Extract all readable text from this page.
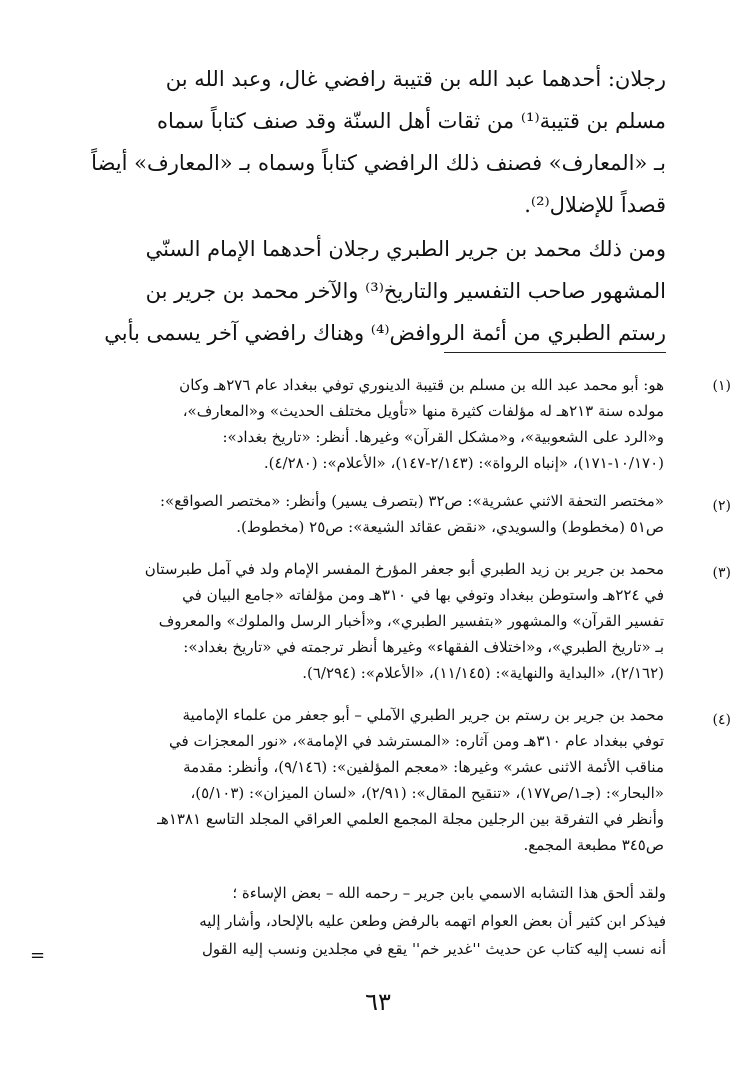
رجلان: أحدهما عبد الله بن قتيبة رافضي غال، وعبد الله بن
مسلم بن قتيبة⁽¹⁾ من ثقات أهل السنّة وقد صنف كتاباً سماه
بـ «المعارف» فصنف ذلك الرافضي كتاباً وسماه بـ «المعارف» أيضاً
قصداً للإضلال⁽²⁾.
ومن ذلك محمد بن جرير الطبري رجلان أحدهما الإمام السنّي
المشهور صاحب التفسير والتاريخ⁽³⁾ والآخر محمد بن جرير بن
رستم الطبري من أئمة الروافض⁽⁴⁾ وهناك رافضي آخر يسمى بأبي
(١)
هو: أبو محمد عبد الله بن مسلم بن قتيبة الدينوري توفي ببغداد عام ٢٧٦هـ وكان
مولده سنة ٢١٣هـ له مؤلفات كثيرة منها «تأويل مختلف الحديث» و«المعارف»،
و«الرد على الشعوبية»، و«مشكل القرآن» وغيرها. أنظر: «تاريخ بغداد»:
(١٠/١٧٠-١٧١)، «إنباه الرواة»: (٢/١٤٣-١٤٧)، «الأعلام»: (٤/٢٨٠).
(٢)
«مختصر التحفة الاثني عشرية»: ص٣٢ (بتصرف يسير) وأنظر: «مختصر الصواقع»:
ص٥١ (مخطوط) والسويدي، «نقض عقائد الشيعة»: ص٢٥ (مخطوط).
(٣)
محمد بن جرير بن زيد الطبري أبو جعفر المؤرخ المفسر الإمام ولد في آمل طبرستان
في ٢٢٤هـ واستوطن ببغداد وتوفي بها في ٣١٠هـ ومن مؤلفاته «جامع البيان في
تفسير القرآن» والمشهور «بتفسير الطبري»، و«أخبار الرسل والملوك» والمعروف
بـ «تاريخ الطبري»، و«اختلاف الفقهاء» وغيرها أنظر ترجمته في «تاريخ بغداد»:
(٢/١٦٢)، «البداية والنهاية»: (١١/١٤٥)، «الأعلام»: (٦/٢٩٤).
(٤)
محمد بن جرير بن رستم بن جرير الطبري الآملي – أبو جعفر من علماء الإمامية
توفي ببغداد عام ٣١٠هـ ومن آثاره: «المسترشد في الإمامة»، «نور المعجزات في
مناقب الأئمة الاثنى عشر» وغيرها: «معجم المؤلفين»: (٩/١٤٦)، وأنظر: مقدمة
«البحار»: (جـ١/ص١٧٧)، «تنقيح المقال»: (٢/٩١)، «لسان الميزان»: (٥/١٠٣)،
وأنظر في التفرقة بين الرجلين مجلة المجمع العلمي العراقي المجلد التاسع ١٣٨١هـ
ص٣٤٥ مطبعة المجمع.
ولقد ألحق هذا التشابه الاسمي بابن جرير – رحمه الله – بعض الإساءة ؛
فيذكر ابن كثير أن بعض العوام اتهمه بالرفض وطعن عليه بالإلحاد، وأشار إليه
أنه نسب إليه كتاب عن حديث ''غدير خم'' يقع في مجلدين ونسب إليه القول
=
٦٣
